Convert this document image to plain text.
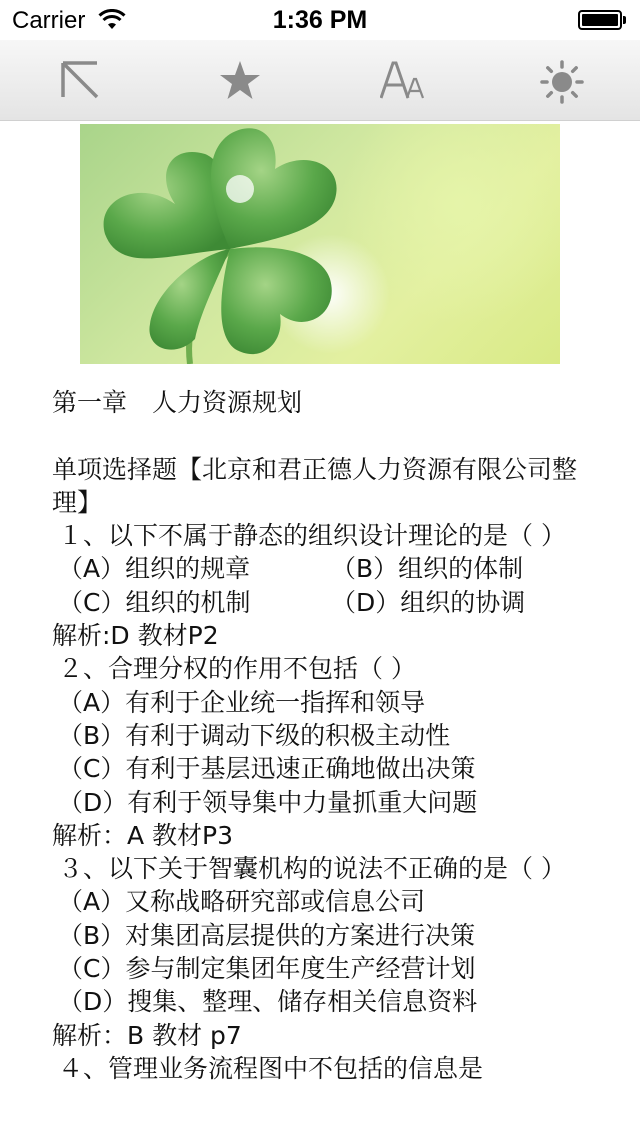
Carrier	1:36 PM

第一章　人力资源规划

单项选择题【北京和君正德人力资源有限公司整理】

１、以下不属于静态的组织设计理论的是（ ）

（A）组织的规章	（B）组织的体制
（C）组织的机制	（D）组织的协调

解析:D 教材P2

２、合理分权的作用不包括（ ）

（A）有利于企业统一指挥和领导

（B）有利于调动下级的积极主动性

（C）有利于基层迅速正确地做出决策

（D）有利于领导集中力量抓重大问题

解析：A 教材P3

３、以下关于智囊机构的说法不正确的是（ ）

（A）又称战略研究部或信息公司

（B）对集团高层提供的方案进行决策

（C）参与制定集团年度生产经营计划

（D）搜集、整理、储存相关信息资料

解析：B 教材 p7

４、管理业务流程图中不包括的信息是
